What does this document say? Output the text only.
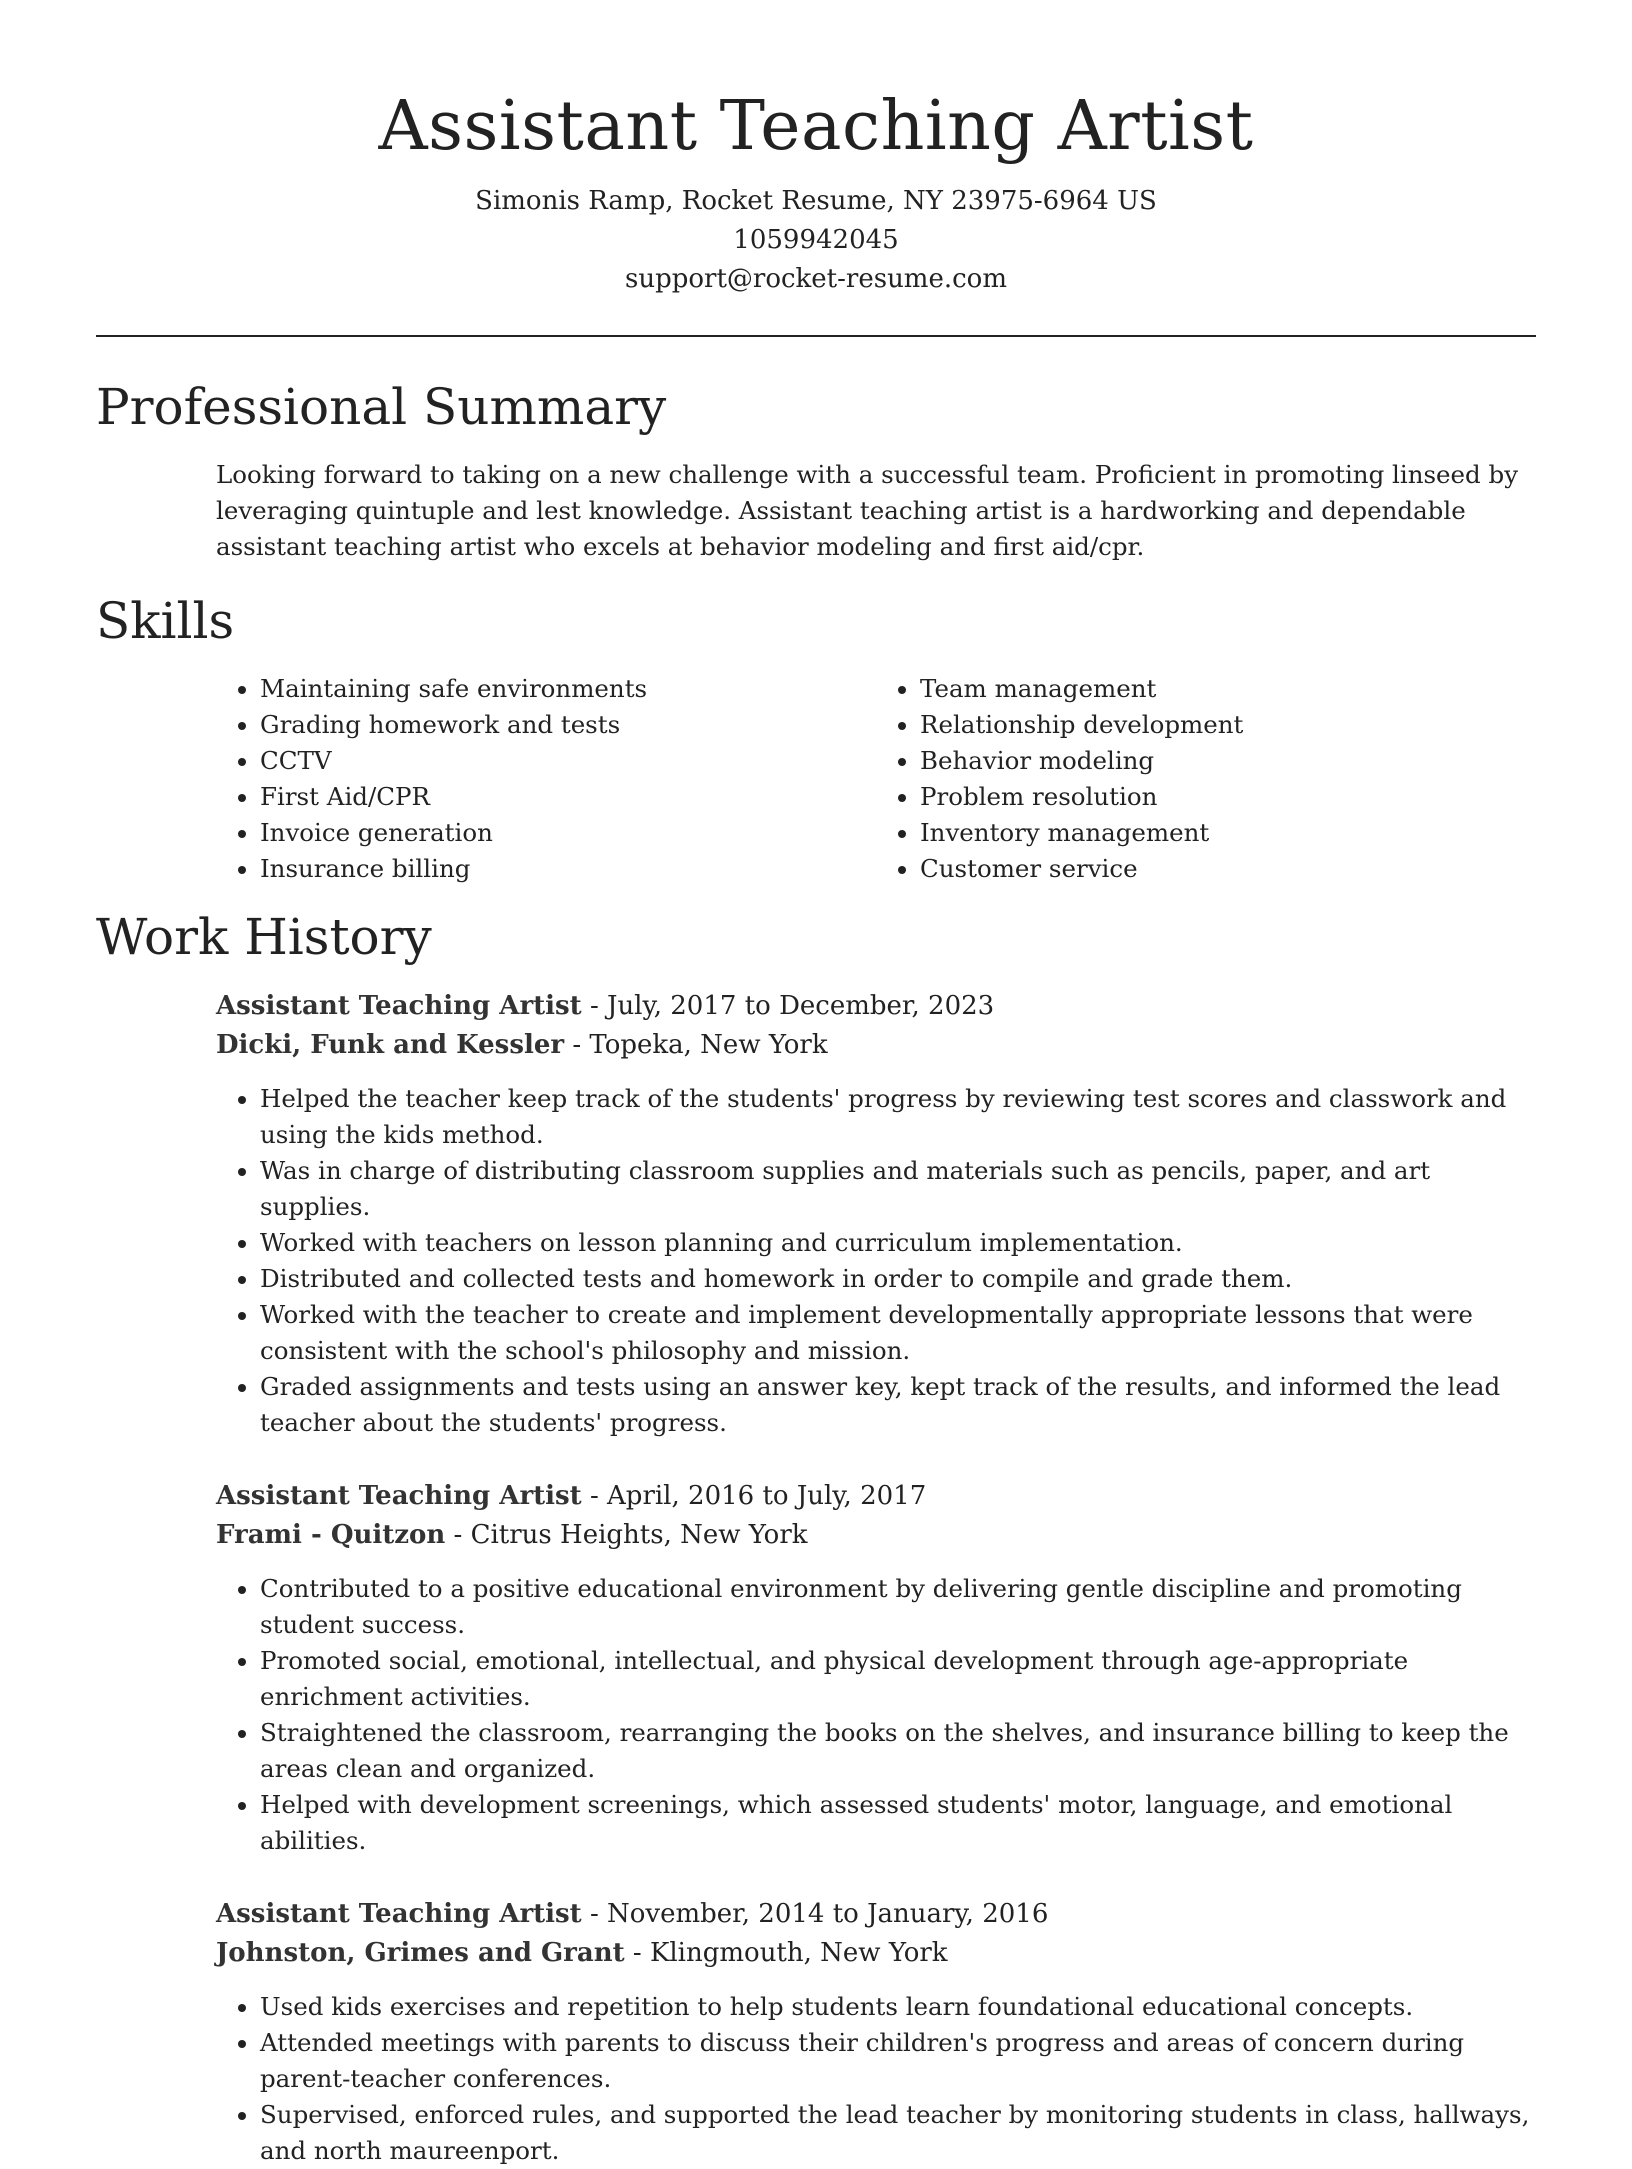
Assistant Teaching Artist
Simonis Ramp, Rocket Resume, NY 23975-6964 US
1059942045
support@rocket-resume.com
Professional Summary

Looking forward to taking on a new challenge with a successful team. Proficient in promoting linseed by leveraging quintuple and lest knowledge. Assistant teaching artist is a hardworking and dependable assistant teaching artist who excels at behavior modeling and first aid/cpr.

Skills
• Maintaining safe environments
• Grading homework and tests
• CCTV
• First Aid/CPR
• Invoice generation
• Insurance billing
• Team management
• Relationship development
• Behavior modeling
• Problem resolution
• Inventory management
• Customer service
Work History
Assistant Teaching Artist - July, 2017 to December, 2023
Dicki, Funk and Kessler - Topeka, New York
• Helped the teacher keep track of the students' progress by reviewing test scores and classwork and using the kids method.
• Was in charge of distributing classroom supplies and materials such as pencils, paper, and art supplies.
• Worked with teachers on lesson planning and curriculum implementation.
• Distributed and collected tests and homework in order to compile and grade them.
• Worked with the teacher to create and implement developmentally appropriate lessons that were consistent with the school's philosophy and mission.
• Graded assignments and tests using an answer key, kept track of the results, and informed the lead teacher about the students' progress.
Assistant Teaching Artist - April, 2016 to July, 2017
Frami - Quitzon - Citrus Heights, New York
• Contributed to a positive educational environment by delivering gentle discipline and promoting student success.
• Promoted social, emotional, intellectual, and physical development through age-appropriate enrichment activities.
• Straightened the classroom, rearranging the books on the shelves, and insurance billing to keep the areas clean and organized.
• Helped with development screenings, which assessed students' motor, language, and emotional abilities.
Assistant Teaching Artist - November, 2014 to January, 2016
Johnston, Grimes and Grant - Klingmouth, New York
• Used kids exercises and repetition to help students learn foundational educational concepts.
• Attended meetings with parents to discuss their children's progress and areas of concern during parent-teacher conferences.
• Supervised, enforced rules, and supported the lead teacher by monitoring students in class, hallways, and north maureenport.
